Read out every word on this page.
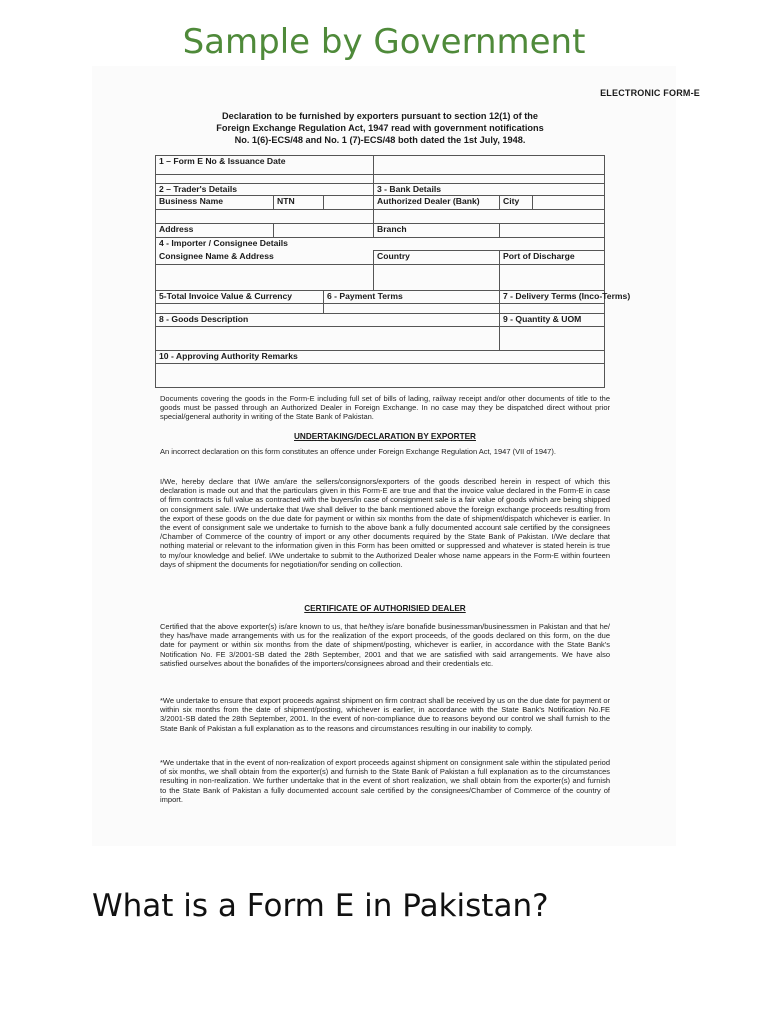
Sample by Government
ELECTRONIC FORM-E
Declaration to be furnished by exporters pursuant to section 12(1) of the
Foreign Exchange Regulation Act, 1947 read with government notifications
No. 1(6)-ECS/48 and No. 1 (7)-ECS/48 both dated the 1st July, 1948.
1 – Form E No & Issuance Date					

2 – Trader's Details			3 - Bank Details		
Business Name	NTN		Authorized Dealer (Bank)	City	

Address			Branch		
4 - Importer / Consignee Details					
Consignee Name & Address			Country	Port of Discharge	

5-Total Invoice Value & Currency		6 - Payment Terms		7 - Delivery Terms (Inco-Terms)	

8 - Goods Description				9 - Quantity & UOM	

10 - Approving Authority Remarks					

Documents covering the goods in the Form-E including full set of bills of lading, railway receipt and/or other documents of title to the goods must be passed through an Authorized Dealer in Foreign Exchange. In no case may they be dispatched direct without prior special/general authority in writing of the State Bank of Pakistan.
UNDERTAKING/DECLARATION BY EXPORTER
An incorrect declaration on this form constitutes an offence under Foreign Exchange Regulation Act, 1947 (VII of 1947).
I/We, hereby declare that I/We am/are the sellers/consignors/exporters of the goods described herein in respect of which this declaration is made out and that the particulars given in this Form-E are true and that the invoice value declared in the Form-E in case of firm contracts is full value as contracted with the buyers/in case of consignment sale is a fair value of goods which are being shipped on consignment sale. I/We undertake that I/we shall deliver to the bank mentioned above the foreign exchange proceeds resulting from the export of these goods on the due date for payment or within six months from the date of shipment/dispatch whichever is earlier. In the event of consignment sale we undertake to furnish to the above bank a fully documented account sale certified by the consignees /Chamber of Commerce of the country of import or any other documents required by the State Bank of Pakistan. I/We declare that nothing material or relevant to the information given in this Form has been omitted or suppressed and whatever is stated herein is true to my/our knowledge and belief. I/We undertake to submit to the Authorized Dealer whose name appears in the Form-E within fourteen days of shipment the documents for negotiation/for sending on collection.
CERTIFICATE OF AUTHORISIED DEALER
Certified that the above exporter(s) is/are known to us, that he/they is/are bonafide businessman/businessmen in Pakistan and that he/ they has/have made arrangements with us for the realization of the export proceeds, of the goods declared on this form, on the due date for payment or within six months from the date of shipment/posting, whichever is earlier, in accordance with the State Bank's Notification No. FE 3/2001-SB dated the 28th September, 2001 and that we are satisfied with said arrangements. We have also satisfied ourselves about the bonafides of the importers/consignees abroad and their credentials etc.
*We undertake to ensure that export proceeds against shipment on firm contract shall be received by us on the due date for payment or within six months from the date of shipment/posting, whichever is earlier, in accordance with the State Bank's Notification No.FE 3/2001-SB dated the 28th September, 2001. In the event of non-compliance due to reasons beyond our control we shall furnish to the State Bank of Pakistan a full explanation as to the reasons and circumstances resulting in our inability to comply.
*We undertake that in the event of non-realization of export proceeds against shipment on consignment sale within the stipulated period of six months, we shall obtain from the exporter(s) and furnish to the State Bank of Pakistan a full explanation as to the circumstances resulting in non-realization. We further undertake that in the event of short realization, we shall obtain from the exporter(s) and furnish to the State Bank of Pakistan a fully documented account sale certified by the consignees/Chamber of Commerce of the country of import.
What is a Form E in Pakistan?
